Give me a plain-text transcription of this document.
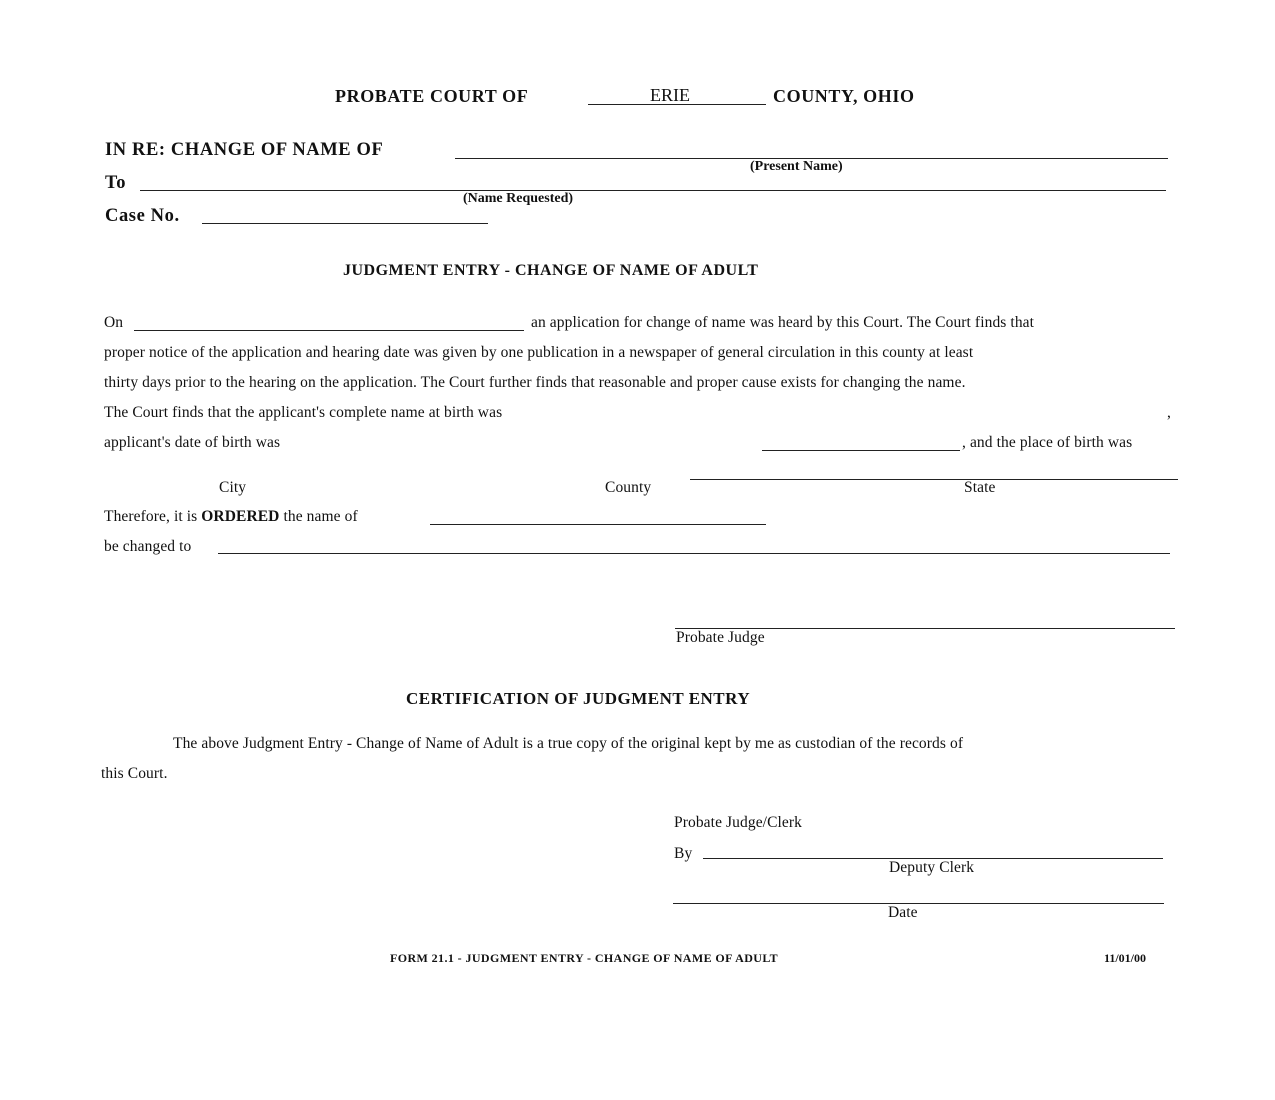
PROBATE COURT OF	ERIE	COUNTY, OHIO
IN RE: CHANGE OF NAME OF
(Present Name)
To
(Name Requested)
Case No.
JUDGMENT ENTRY - CHANGE OF NAME OF ADULT
On	an application for change of name was heard by this Court. The Court finds that
proper notice of the application and hearing date was given by one publication in a newspaper of general circulation in this county at least
thirty days prior to the hearing on the application. The Court further finds that reasonable and proper cause exists for changing the name.
The Court finds that the applicant's complete name at birth was	,
applicant's date of birth was	, and the place of birth was
City	County	State
Therefore, it is ORDERED the name of
be changed to
Probate Judge
CERTIFICATION OF JUDGMENT ENTRY
The above Judgment Entry - Change of Name of Adult is a true copy of the original kept by me as custodian of the records of
this Court.
Probate Judge/Clerk
By
Deputy Clerk
Date
FORM 21.1 - JUDGMENT ENTRY - CHANGE OF NAME OF ADULT	11/01/00
